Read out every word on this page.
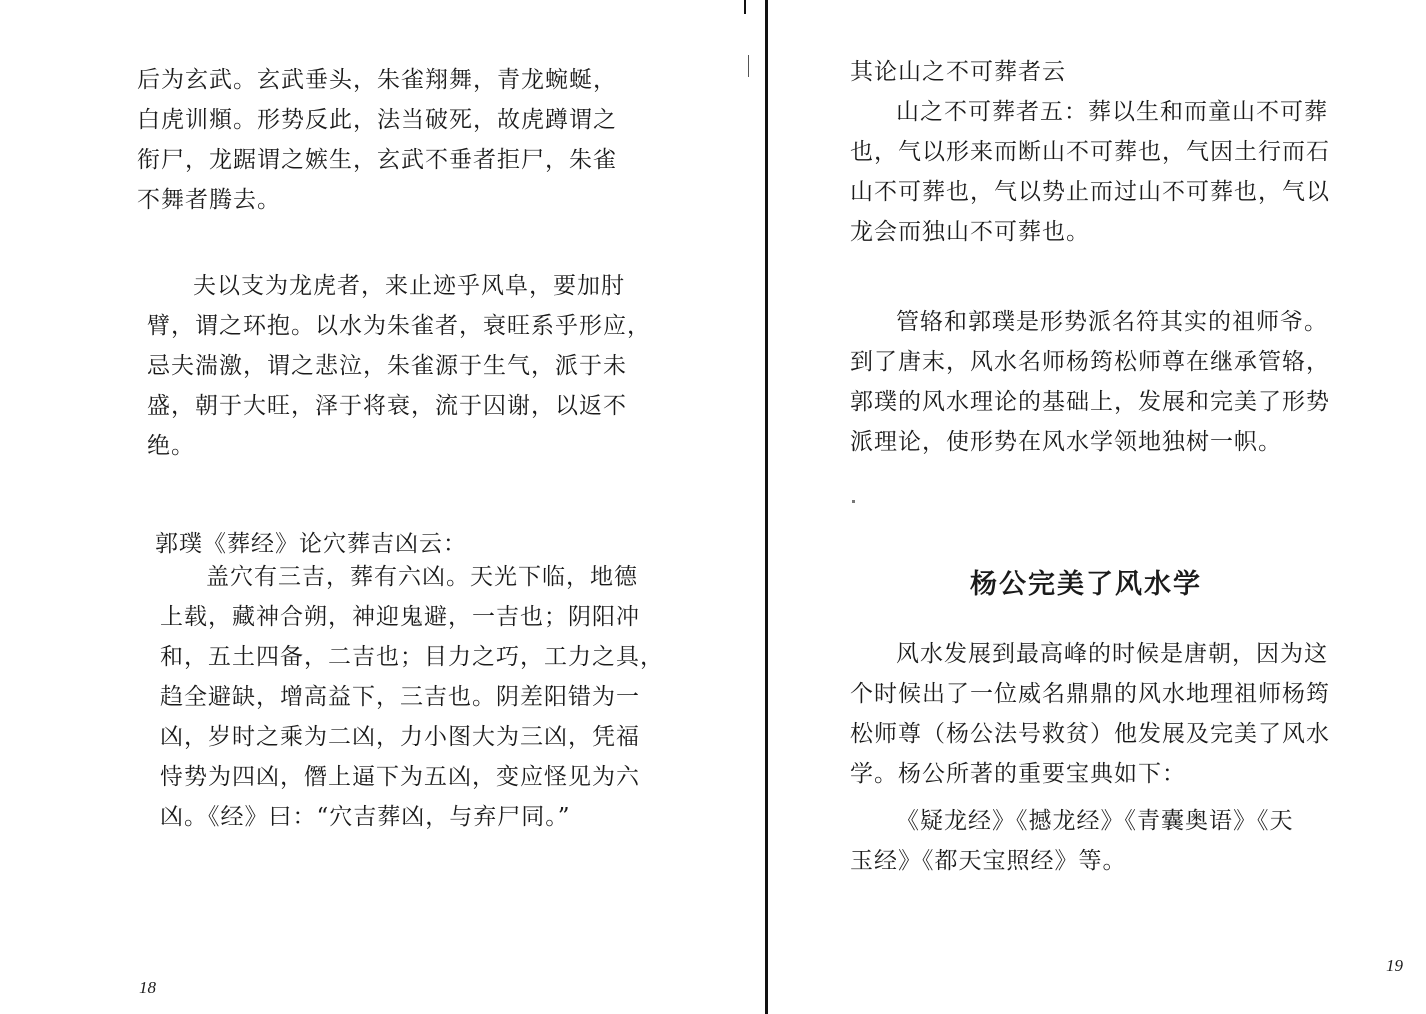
后为玄武。玄武垂头，朱雀翔舞，青龙蜿蜒，

白虎训頫。形势反此，法当破死，故虎蹲谓之

衔尸，龙踞谓之嫉生，玄武不垂者拒尸，朱雀

不舞者腾去。

夫以支为龙虎者，来止迹乎风阜，要加肘

臂，谓之环抱。以水为朱雀者，衰旺系乎形应，

忌夫湍激，谓之悲泣，朱雀源于生气，派于未

盛，朝于大旺，泽于将衰，流于囚谢，以返不

绝。

郭璞《葬经》论穴葬吉凶云：

盖穴有三吉，葬有六凶。天光下临，地德

上载，藏神合朔，神迎鬼避，一吉也；阴阳冲

和，五土四备，二吉也；目力之巧，工力之具，

趋全避缺，增高益下，三吉也。阴差阳错为一

凶，岁时之乘为二凶，力小图大为三凶，凭福

恃势为四凶，僭上逼下为五凶，变应怪见为六

凶。《经》曰：“穴吉葬凶，与弃尸同。”

18

其论山之不可葬者云

山之不可葬者五：葬以生和而童山不可葬

也，气以形来而断山不可葬也，气因土行而石

山不可葬也，气以势止而过山不可葬也，气以

龙会而独山不可葬也。

管辂和郭璞是形势派名符其实的祖师爷。

到了唐末，风水名师杨筠松师尊在继承管辂，

郭璞的风水理论的基础上，发展和完美了形势

派理论，使形势在风水学领地独树一帜。

杨公完美了风水学

风水发展到最高峰的时候是唐朝，因为这

个时候出了一位威名鼎鼎的风水地理祖师杨筠

松师尊（杨公法号救贫）他发展及完美了风水

学。杨公所著的重要宝典如下：

《疑龙经》《撼龙经》《青囊奥语》《天

玉经》《都天宝照经》等。

19
